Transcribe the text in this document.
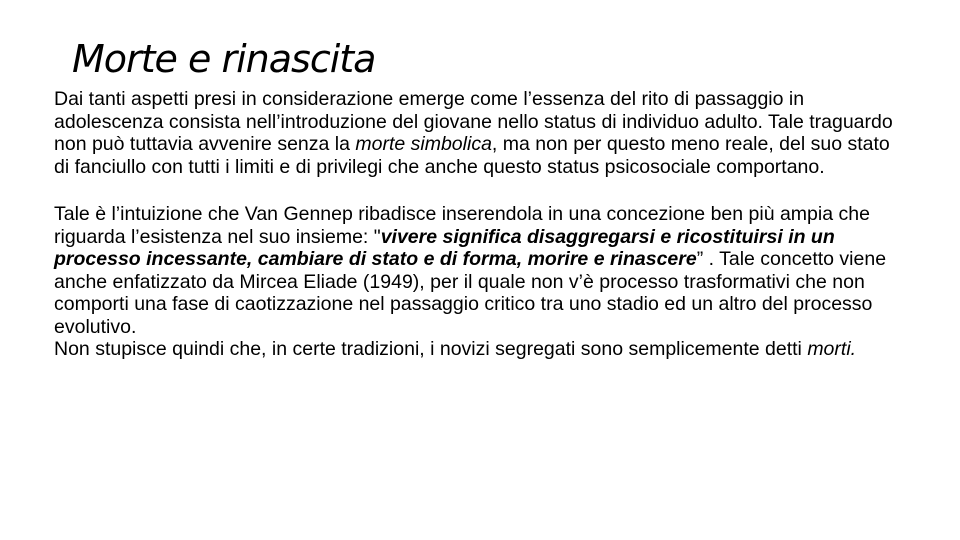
Morte e rinascita

Dai tanti aspetti presi in considerazione emerge come l’essenza del rito di passaggio in adolescenza consista nell’introduzione del giovane nello status di individuo adulto. Tale traguardo non può tuttavia avvenire senza la morte simbolica, ma non per questo meno reale, del suo stato di fanciullo con tutti i limiti e di privilegi che anche questo status psicosociale comportano.

Tale è l’intuizione che Van Gennep ribadisce inserendola in una concezione ben più ampia che riguarda l’esistenza nel suo insieme: "vivere significa disaggregarsi e ricostituirsi in un processo incessante, cambiare di stato e di forma, morire e rinascere” . Tale concetto viene anche enfatizzato da Mircea Eliade (1949), per il quale non v’è processo trasformativi che non comporti una fase di caotizzazione nel passaggio critico tra uno stadio ed un altro del processo evolutivo.

Non stupisce quindi che, in certe tradizioni, i novizi segregati sono semplicemente detti morti.
